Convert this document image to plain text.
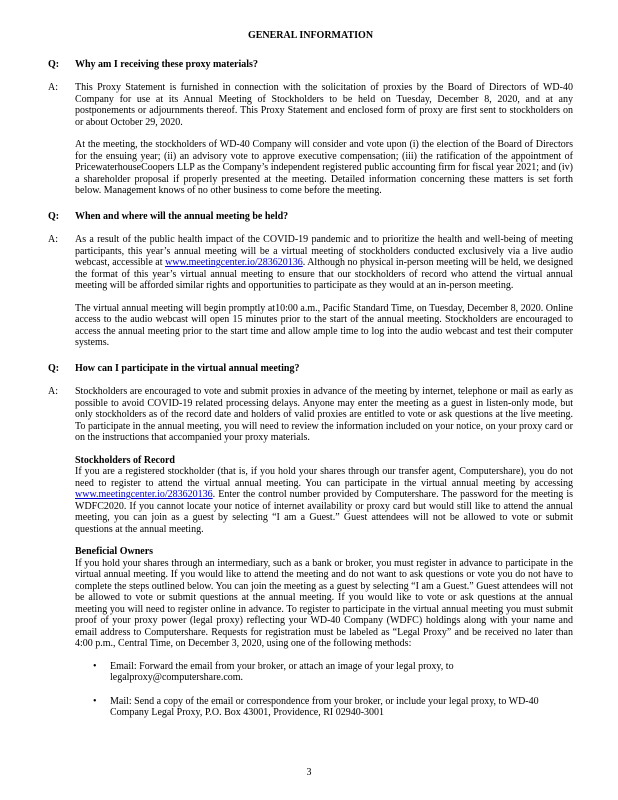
GENERAL INFORMATION
Q:	Why am I receiving these proxy materials?
A:	This Proxy Statement is furnished in connection with the solicitation of proxies by the Board of Directors of WD-40 Company for use at its Annual Meeting of Stockholders to be held on Tuesday, December 8, 2020, and at any postponements or adjournments thereof. This Proxy Statement and enclosed form of proxy are first sent to stockholders on or about October 29, 2020.

At the meeting, the stockholders of WD-40 Company will consider and vote upon (i) the election of the Board of Directors for the ensuing year; (ii) an advisory vote to approve executive compensation; (iii) the ratification of the appointment of PricewaterhouseCoopers LLP as the Company’s independent registered public accounting firm for fiscal year 2021; and (iv) a shareholder proposal if properly presented at the meeting. Detailed information concerning these matters is set forth below. Management knows of no other business to come before the meeting.

Q:	When and where will the annual meeting be held?
A:	As a result of the public health impact of the COVID-19 pandemic and to prioritize the health and well-being of meeting participants, this year’s annual meeting will be a virtual meeting of stockholders conducted exclusively via a live audio webcast, accessible at www.meetingcenter.io/283620136. Although no physical in-person meeting will be held, we designed the format of this year’s virtual annual meeting to ensure that our stockholders of record who attend the virtual annual meeting will be afforded similar rights and opportunities to participate as they would at an in-person meeting.

The virtual annual meeting will begin promptly at10:00 a.m., Pacific Standard Time, on Tuesday, December 8, 2020. Online access to the audio webcast will open 15 minutes prior to the start of the annual meeting. Stockholders are encouraged to access the annual meeting prior to the start time and allow ample time to log into the audio webcast and test their computer systems.

Q:	How can I participate in the virtual annual meeting?
A:	Stockholders are encouraged to vote and submit proxies in advance of the meeting by internet, telephone or mail as early as possible to avoid COVID-19 related processing delays. Anyone may enter the meeting as a guest in listen-only mode, but only stockholders as of the record date and holders of valid proxies are entitled to vote or ask questions at the live meeting. To participate in the annual meeting, you will need to review the information included on your notice, on your proxy card or on the instructions that accompanied your proxy materials.

Stockholders of Record
If you are a registered stockholder (that is, if you hold your shares through our transfer agent, Computershare), you do not need to register to attend the virtual annual meeting. You can participate in the virtual annual meeting by accessing www.meetingcenter.io/283620136. Enter the control number provided by Computershare. The password for the meeting is WDFC2020. If you cannot locate your notice of internet availability or proxy card but would still like to attend the annual meeting, you can join as a guest by selecting “I am a Guest.” Guest attendees will not be allowed to vote or submit questions at the annual meeting.

Beneficial Owners
If you hold your shares through an intermediary, such as a bank or broker, you must register in advance to participate in the virtual annual meeting. If you would like to attend the meeting and do not want to ask questions or vote you do not have to complete the steps outlined below. You can join the meeting as a guest by selecting “I am a Guest.” Guest attendees will not be allowed to vote or submit questions at the annual meeting. If you would like to vote or ask questions at the annual meeting you will need to register online in advance. To register to participate in the virtual annual meeting you must submit proof of your proxy power (legal proxy) reflecting your WD-40 Company (WDFC) holdings along with your name and email address to Computershare. Requests for registration must be labeled as “Legal Proxy” and be received no later than 4:00 p.m., Central Time, on December 3, 2020, using one of the following methods:

•	Email: Forward the email from your broker, or attach an image of your legal proxy, to
legalproxy@computershare.com.
•	Mail: Send a copy of the email or correspondence from your broker, or include your legal proxy, to WD-40 Company Legal Proxy, P.O. Box 43001, Providence, RI 02940-3001
3
